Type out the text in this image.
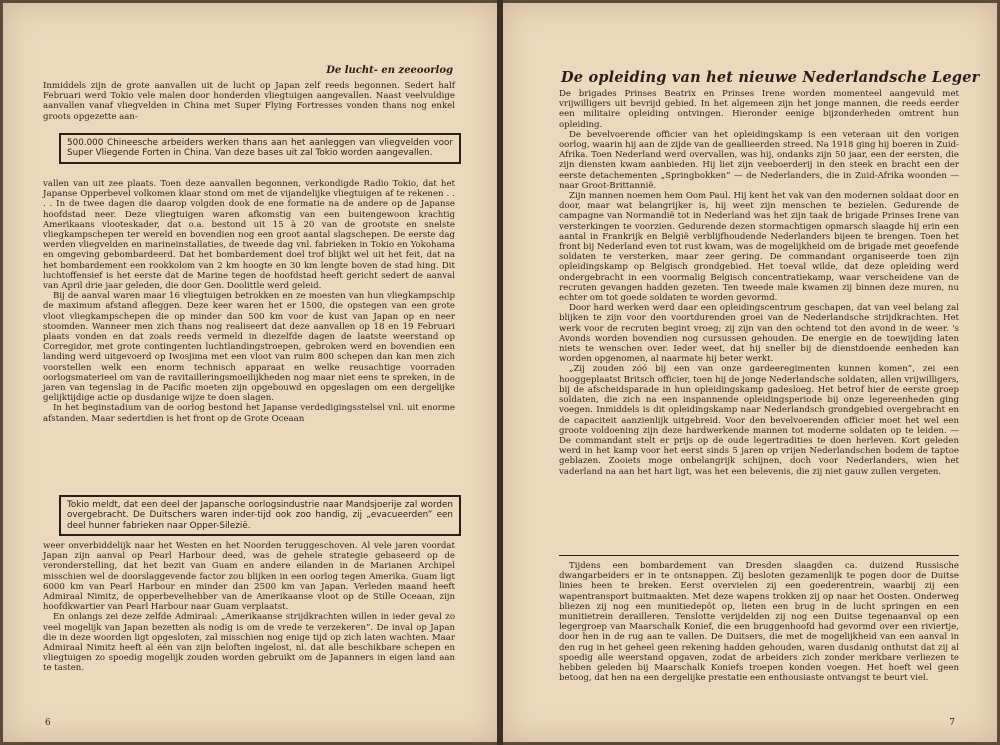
De lucht- en zeeoorlog

Inmiddels zijn de grote aanvallen uit de lucht op Japan zelf reeds begonnen. Sedert half Februari werd Tokio vele malen door honderden vliegtuigen aangevallen. Naast veelvuldige aanvallen vanaf vliegvelden in China met Super Flying Fortresses vonden thans nog enkel groots opgezette aan-

500.000 Chineesche arbeiders werken thans aan het aanleggen van vliegvelden voor Super Vliegende Forten in China. Van deze bases uit zal Tokio worden aangevallen.

vallen van uit zee plaats. Toen deze aanvallen begonnen, verkondigde Radio Tokio, dat het Japanse Opperbevel volkomen klaar stond om met de vijandelijke vliegtuigen af te rekenen . . . . In de twee dagen die daarop volgden dook de ene formatie na de andere op de Japanse hoofdstad neer. Deze vliegtuigen waren afkomstig van een buitengewoon krachtig Amerikaans vlooteskader, dat o.a. bestond uit 15 à 20 van de grootste en snelste vliegkampschepen ter wereld en bovendien nog een groot aantal slagschepen. De eerste dag werden vliegvelden en marineinstallaties, de tweede dag vnl. fabrieken in Tokio en Yokohama en omgeving gebombardeerd. Dat het bombardement doel trof blijkt wel uit het feit, dat na het bombardement een rookkolom van 2 km hoogte en 30 km lengte boven de stad hing. Dit luchtoffensief is het eerste dat de Marine tegen de hoofdstad heeft gericht sedert de aanval van April drie jaar geleden, die door Gen. Doolittle werd geleid.

Bij de aanval waren maar 16 vliegtuigen betrokken en ze moesten van hun vliegkampschip de maximum afstand afleggen. Deze keer waren het er 1500, die opstegen van een grote vloot vliegkampschepen die op minder dan 500 km voor de kust van Japan op en neer stoomden. Wanneer men zich thans nog realiseert dat deze aanvallen op 18 en 19 Februari plaats vonden en dat zoals reeds vermeld in diezelfde dagen de laatste weerstand op Corregidor, met grote contingenten luchtlandingstroepen, gebroken werd en bovendien een landing werd uitgevoerd op Iwosjima met een vloot van ruim 800 schepen dan kan men zich voorstellen welk een enorm technisch apparaat en welke reusachtige voorraden oorlogsmaterieel om van de ravitailleringsmoeilijkheden nog maar niet eens te spreken, in de jaren van tegenslag in de Pacific moeten zijn opgebouwd en opgeslagen om een dergelijke gelijktijdige actie op dusdanige wijze te doen slagen.

In het beginstadium van de oorlog bestond het Japanse verdedigingsstelsel vnl. uit enorme afstanden. Maar sedertdien is het front op de Grote Oceaan

Tokio meldt, dat een deel der Japansche oorlogsindustrie naar Mandsjoerije zal worden overgebracht. De Duitschers waren inder-tijd ook zoo handig, zij „evacueerden” een deel hunner fabrieken naar Opper-Silezië.

weer onverbiddelijk naar het Westen en het Noorden teruggeschoven. Al vele jaren voordat Japan zijn aanval op Pearl Harbour deed, was de gehele strategie gebaseerd op de veronderstelling, dat het bezit van Guam en andere eilanden in de Marianen Archipel misschien wel de doorslaggevende factor zou blijken in een oorlog tegen Amerika. Guam ligt 6000 km van Pearl Harbour en minder dan 2500 km van Japan. Verleden maand heeft Admiraal Nimitz, de opperbevelhebber van de Amerikaanse vloot op de Stille Oceaan, zijn hoofdkwartier van Pearl Harbour naar Guam verplaatst.

En onlangs zei deze zelfde Admiraal: „Amerikaanse strijdkrachten willen in ieder geval zo veel mogelijk van Japan bezetten als nodig is om de vrede te verzekeren”. De inval op Japan die in deze woorden ligt opgesloten, zal misschien nog enige tijd op zich laten wachten. Maar Admiraal Nimitz heeft al één van zijn beloften ingelost, nl. dat alle beschikbare schepen en vliegtuigen zo spoedig mogelijk zouden worden gebruikt om de Japanners in eigen land aan te tasten.

6
De opleiding van het nieuwe Nederlandsche Leger

De brigades Prinses Beatrix en Prinses Irene worden momenteel aangevuld met vrijwilligers uit bevrijd gebied. In het algemeen zijn het jonge mannen, die reeds eerder een militaire opleiding ontvingen. Hieronder eenige bijzonderheden omtrent hun opleiding.

De bevelvoerende officier van het opleidingskamp is een veteraan uit den vorigen oorlog, waarin hij aan de zijde van de geallieerden streed. Na 1918 ging hij boeren in Zuid-Afrika. Toen Nederland werd overvallen, was hij, ondanks zijn 50 jaar, een der eersten, die zijn diensten kwam aanbieden. Hij liet zijn veeboerderij in den steek en bracht een der eerste detachementen „Springbokken” — de Nederlanders, die in Zuid-Afrika woonden — naar Groot-Brittannië.

Zijn mannen noemen hem Oom Paul. Hij kent het vak van den modernen soldaat door en door, maar wat belangrijker is, hij weet zijn menschen te bezielen. Gedurende de campagne van Normandië tot in Nederland was het zijn taak de brigade Prinses Irene van versterkingen te voorzien. Gedurende dezen stormachtigen opmarsch slaagde hij erin een aantal in Frankrijk en België verblijfhoudende Nederlanders bijeen te brengen. Toen het front bij Nederland even tot rust kwam, was de mogelijkheid om de brigade met geoefende soldaten te versterken, maar zeer gering. De commandant organiseerde toen zijn opleidingskamp op Belgisch grondgebied. Het toeval wilde, dat deze opleiding werd ondergebracht in een voormalig Belgisch concentratiekamp, waar verscheidene van de recruten gevangen hadden gezeten. Ten tweede male kwamen zij binnen deze muren, nu echter om tot goede soldaten te worden gevormd.

Door hard werken werd daar een opleidingscentrum geschapen, dat van veel belang zal blijken te zijn voor den voortdurenden groei van de Nederlandsche strijdkrachten. Het werk voor de recruten begint vroeg; zij zijn van den ochtend tot den avond in de weer. 's Avonds worden bovendien nog cursussen gehouden. De energie en de toewijding laten niets te wenschen over. Ieder weet, dat hij sneller bij de dienstdoende eenheden kan worden opgenomen, al naarmate hij beter werkt.

„Zij zouden zóó bij een van onze gardeeregimenten kunnen komen”, zei een hooggeplaatst Britsch officier, toen hij de jonge Nederlandsche soldaten, allen vrijwilligers, bij de afscheidsparade in hun opleidingskamp gadesloeg. Het betrof hier de eerste groep soldaten, die zich na een inspannende opleidingsperiode bij onze legereenheden ging voegen. Inmiddels is dit opleidingskamp naar Nederlandsch grondgebied overgebracht en de capaciteit aanzienlijk uitgebreid. Voor den bevelvoerenden officier moet het wel een groote voldoening zijn deze hardwerkende mannen tot moderne soldaten op te leiden. — De commandant stelt er prijs op de oude legertradities te doen herleven. Kort geleden werd in het kamp voor het eerst sinds 5 jaren op vrijen Nederlandschen bodem de taptoe geblazen. Zooiets moge onbelangrijk schijnen, doch voor Nederlanders, wien het vaderland na aan het hart ligt, was het een belevenis, die zij niet gauw zullen vergeten.

Tijdens een bombardement van Dresden slaagden ca. duizend Russische dwangarbeiders er in te ontsnappen. Zij besloten gezamenlijk te pogen door de Duitse linies heen te breken. Eerst overvielen zij een goederentrein, waarbij zij een wapentransport buitmaakten. Met deze wapens trokken zij op naar het Oosten. Onderweg bliezen zij nog een munitiedepôt op, lieten een brug in de lucht springen en een munitietrein derailleren. Tenslotte verijdelden zij nog een Duitse tegenaanval op een legergroep van Maarschalk Konief, die een bruggenhoofd had gevormd over een riviertje, door hen in de rug aan te vallen. De Duitsers, die met de mogelijkheid van een aanval in den rug in het geheel geen rekening hadden gehouden, waren dusdanig onthutst dat zij al spoedig alle weerstand opgaven, zodat de arbeiders zich zonder merkbare verliezen te hebben geleden bij Maarschalk Koniefs troepen konden voegen. Het hoeft wel geen betoog, dat hen na een dergelijke prestatie een enthousiaste ontvangst te beurt viel.

7
